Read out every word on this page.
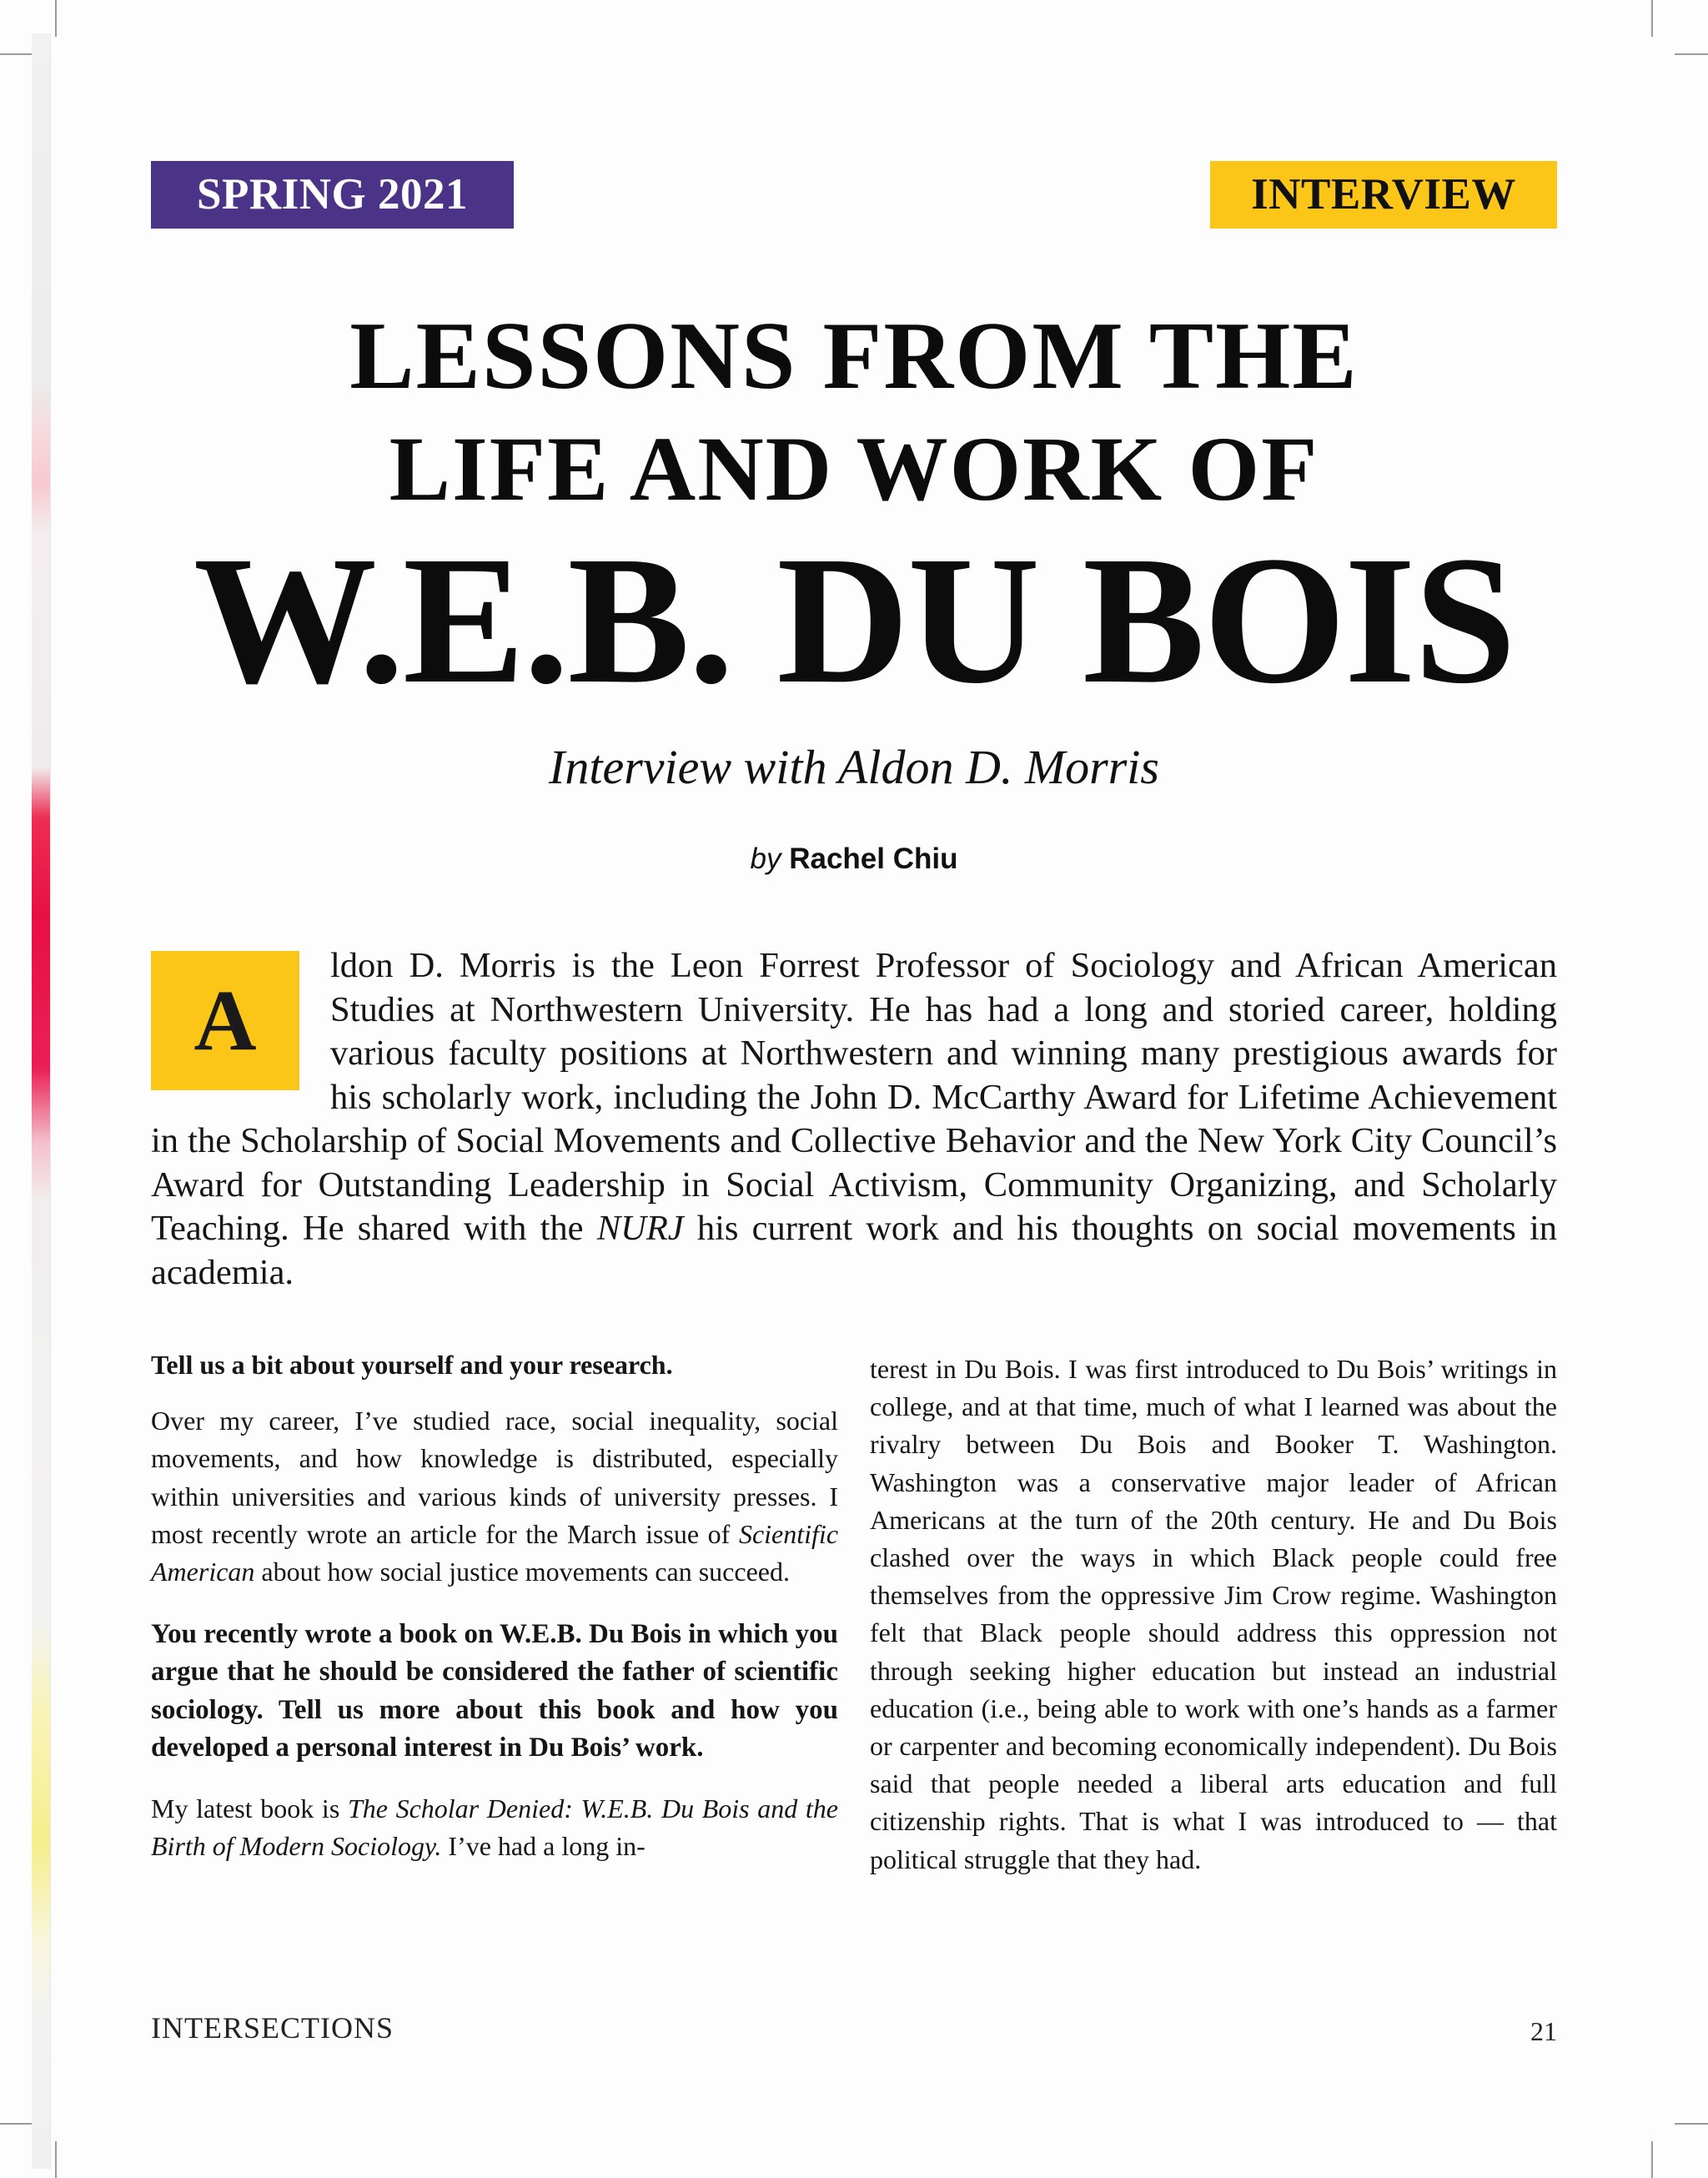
SPRING 2021	INTERVIEW
LESSONS FROM THE
LIFE AND WORK OF
W.E.B. DU BOIS
Interview with Aldon D. Morris
by Rachel Chiu
A
ldon D. Morris is the Leon Forrest Professor of Sociology and African American Studies at Northwestern University. He has had a long and storied career, holding various faculty positions at Northwestern and winning many prestigious awards for his scholarly work, including the John D. McCarthy Award for Lifetime Achievement in the Scholarship of Social Movements and Collective Behavior and the New York City Council’s Award for Outstanding Leadership in Social Activism, Community Organizing, and Scholarly Teaching. He shared with the NURJ his current work and his thoughts on social movements in academia.

Tell us a bit about yourself and your research.

Over my career, I’ve studied race, social inequality, social movements, and how knowledge is distributed, especially within universities and various kinds of university presses. I most recently wrote an article for the March issue of Scientific American about how social justice movements can succeed.

You recently wrote a book on W.E.B. Du Bois in which you argue that he should be considered the father of scientific sociology. Tell us more about this book and how you developed a personal interest in Du Bois’ work.

My latest book is The Scholar Denied: W.E.B. Du Bois and the Birth of Modern Sociology. I’ve had a long in-

terest in Du Bois. I was first introduced to Du Bois’ writings in college, and at that time, much of what I learned was about the rivalry between Du Bois and Booker T. Washington. Washington was a conservative major leader of African Americans at the turn of the 20th century. He and Du Bois clashed over the ways in which Black people could free themselves from the oppressive Jim Crow regime. Washington felt that Black people should address this oppression not through seeking higher education but instead an industrial education (i.e., being able to work with one’s hands as a farmer or carpenter and becoming economically independent). Du Bois said that people needed a liberal arts education and full citizenship rights. That is what I was introduced to — that political struggle that they had.

INTERSECTIONS	21
